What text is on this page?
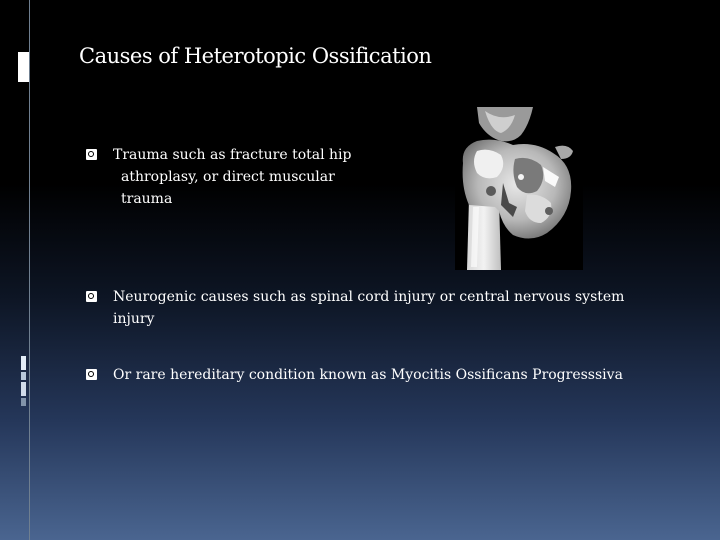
Causes of Heterotopic Ossification
Trauma such as fracture total hip
athroplasy, or direct muscular trauma
Neurogenic causes such as spinal cord injury or central nervous system injury
Or rare hereditary condition known as Myocitis Ossificans Progresssiva
